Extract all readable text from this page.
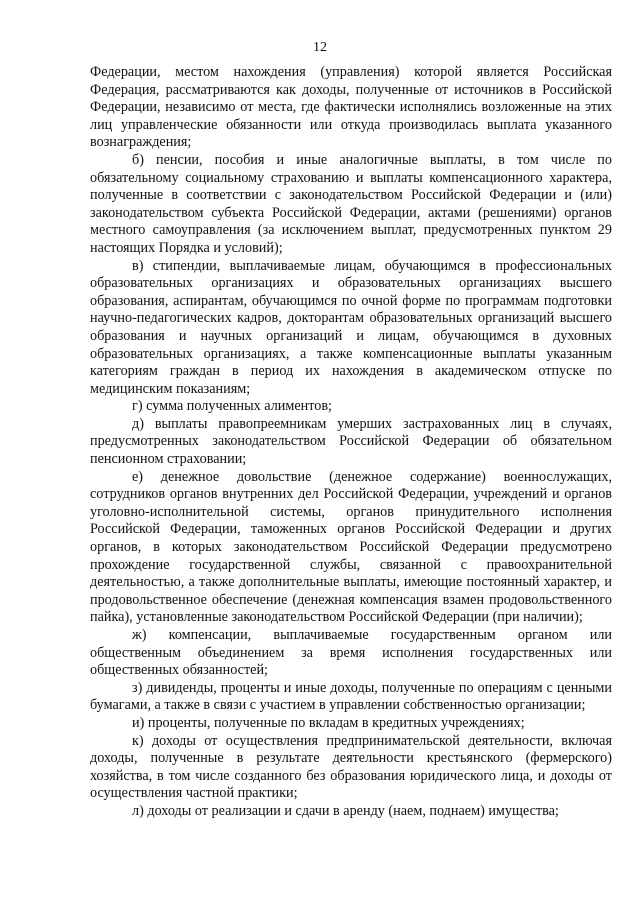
12

Федерации, местом нахождения (управления) которой является Российская Федерация, рассматриваются как доходы, полученные от источников в Российской Федерации, независимо от места, где фактически исполнялись возложенные на этих лиц управленческие обязанности или откуда производилась выплата указанного вознаграждения;

б) пенсии, пособия и иные аналогичные выплаты, в том числе по обязательному социальному страхованию и выплаты компенсационного характера, полученные в соответствии с законодательством Российской Федерации и (или) законодательством субъекта Российской Федерации, актами (решениями) органов местного самоуправления (за исключением выплат, предусмотренных пунктом 29 настоящих Порядка и условий);

в) стипендии, выплачиваемые лицам, обучающимся в профессиональных образовательных организациях и образовательных организациях высшего образования, аспирантам, обучающимся по очной форме по программам подготовки научно-педагогических кадров, докторантам образовательных организаций высшего образования и научных организаций и лицам, обучающимся в духовных образовательных организациях, а также компенсационные выплаты указанным категориям граждан в период их нахождения в академическом отпуске по медицинским показаниям;

г) сумма полученных алиментов;

д) выплаты правопреемникам умерших застрахованных лиц в случаях, предусмотренных законодательством Российской Федерации об обязательном пенсионном страховании;

е) денежное довольствие (денежное содержание) военнослужащих, сотрудников органов внутренних дел Российской Федерации, учреждений и органов уголовно-исполнительной системы, органов принудительного исполнения Российской Федерации, таможенных органов Российской Федерации и других органов, в которых законодательством Российской Федерации предусмотрено прохождение государственной службы, связанной с правоохранительной деятельностью, а также дополнительные выплаты, имеющие постоянный характер, и продовольственное обеспечение (денежная компенсация взамен продовольственного пайка), установленные законодательством Российской Федерации (при наличии);

ж) компенсации, выплачиваемые государственным органом или общественным объединением за время исполнения государственных или общественных обязанностей;

з) дивиденды, проценты и иные доходы, полученные по операциям с ценными бумагами, а также в связи с участием в управлении собственностью организации;

и) проценты, полученные по вкладам в кредитных учреждениях;

к) доходы от осуществления предпринимательской деятельности, включая доходы, полученные в результате деятельности крестьянского (фермерского) хозяйства, в том числе созданного без образования юридического лица, и доходы от осуществления частной практики;

л) доходы от реализации и сдачи в аренду (наем, поднаем) имущества;
